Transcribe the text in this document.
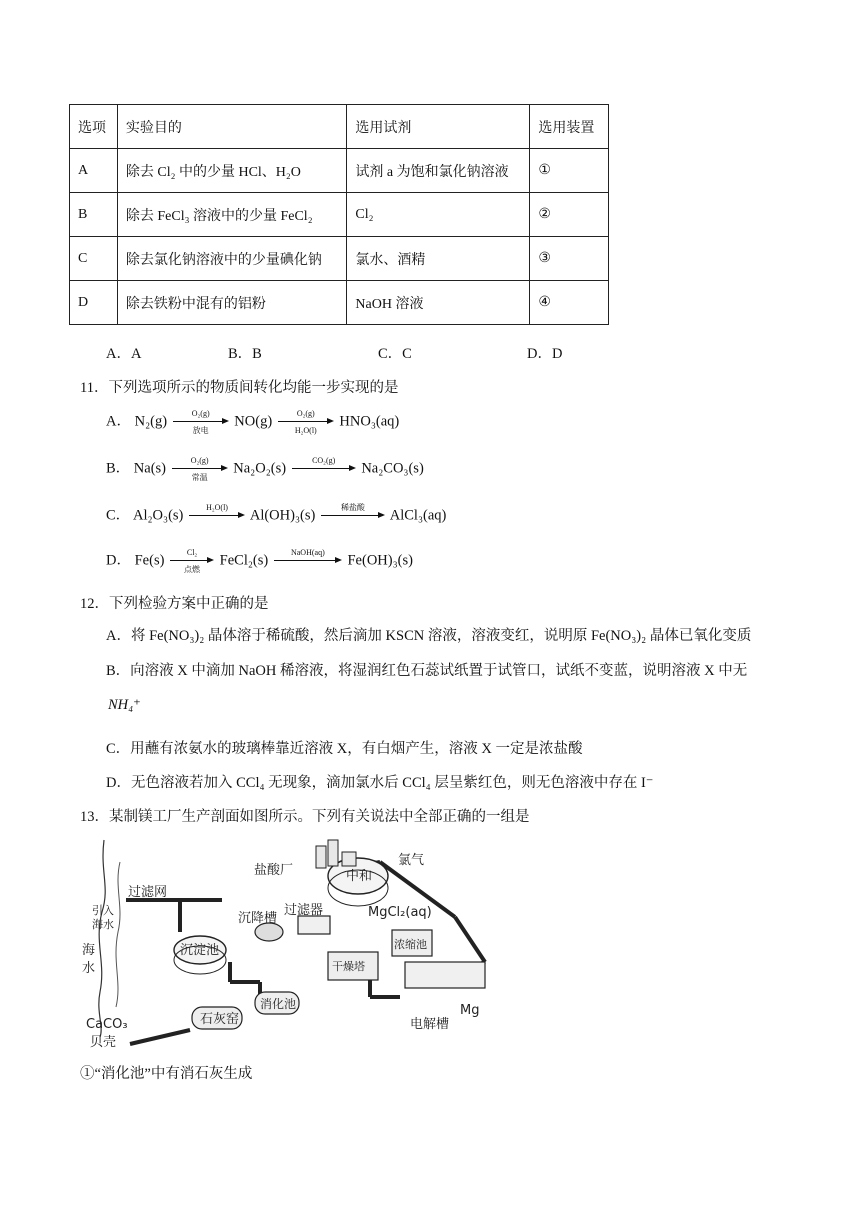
选项	实验目的	选用试剂	选用装置
A	除去 Cl₂ 中的少量 HCl、H₂O	试剂 a 为饱和氯化钠溶液	①
B	除去 FeCl₃ 溶液中的少量 FeCl₂	Cl₂	②
C	除去氯化钠溶液中的少量碘化钠	氯水、酒精	③
D	除去铁粉中混有的铝粉	NaOH 溶液	④
A．A	B．B	C．C	D．D
11．下列选项所示的物质间转化均能一步实现的是
A． N₂(g)	O₂(g)
放电
NO(g)	O₂(g)
H₂O(l)
HNO₃(aq)
B． Na(s)	O₂(g)
常温
Na₂O₂(s)	CO₂(g)	Na₂CO₃(s)
C． Al₂O₃(s)	H₂O(l)	Al(OH)₃(s)	稀盐酸	AlCl₃(aq)
D． Fe(s)	Cl₂
点燃
FeCl₂(s)	NaOH(aq)	Fe(OH)₃(s)
12．下列检验方案中正确的是
A．将 Fe(NO₃)₂ 晶体溶于稀硫酸，然后滴加 KSCN 溶液，溶液变红，说明原 Fe(NO₃)₂ 晶体已氧化变质
B．向溶液 X 中滴加 NaOH 稀溶液，将湿润红色石蕊试纸置于试管口，试纸不变蓝，说明溶液 X 中无
NH₄⁺
C．用蘸有浓氨水的玻璃棒靠近溶液 X，有白烟产生，溶液 X 一定是浓盐酸
D．无色溶液若加入 CCl₄ 无现象，滴加氯水后 CCl₄ 层呈紫红色，则无色溶液中存在 I⁻
13．某制镁工厂生产剖面如图所示。下列有关说法中全部正确的一组是
盐酸厂
氯气
过滤网
引入
海水
海
水
沉降槽
过滤器
中和
MgCl₂(aq)
沉淀池
干燥塔
浓缩池
CaCO₃
贝壳
石灰窑
消化池
电解槽
Mg
①“消化池”中有消石灰生成
